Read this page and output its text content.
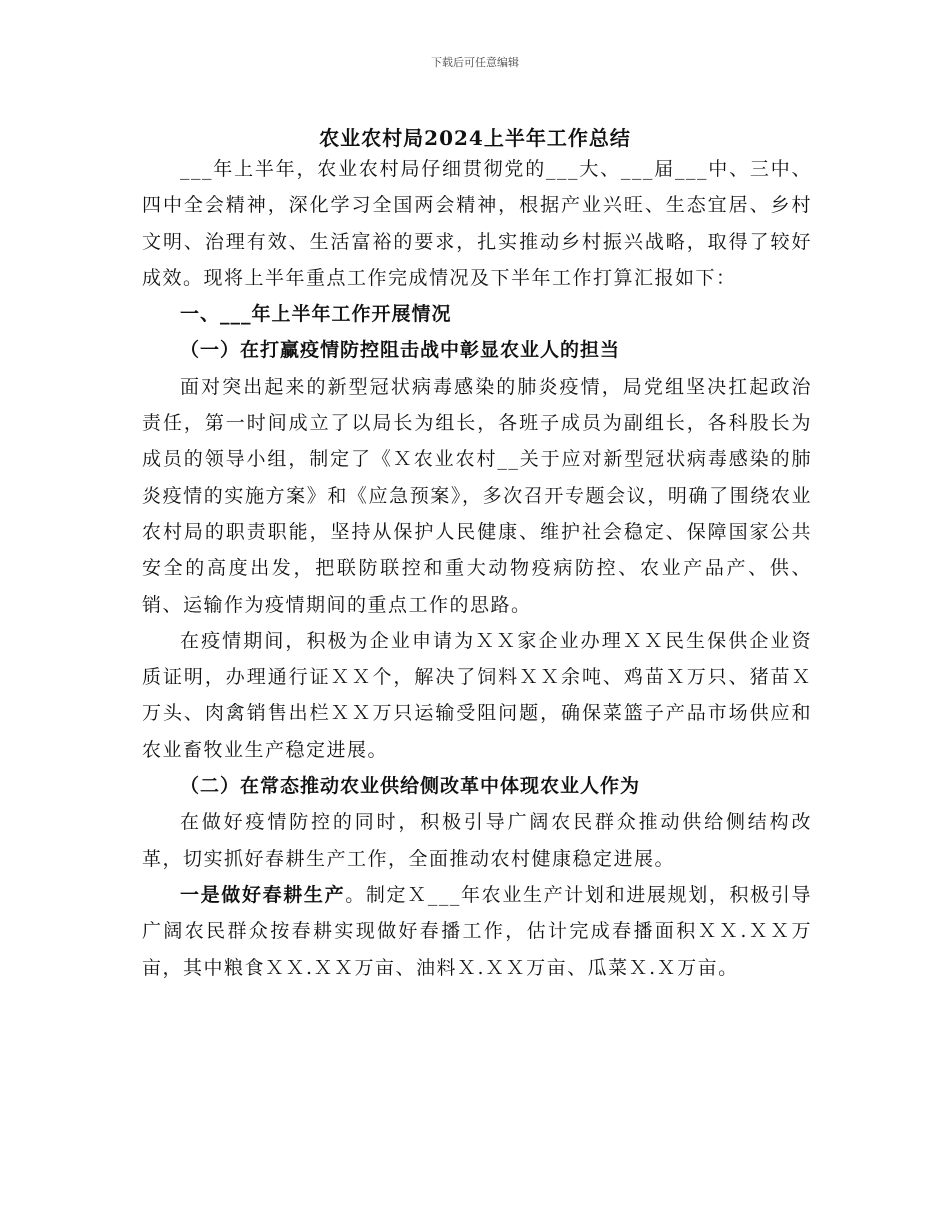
下载后可任意编辑
农业农村局2024上半年工作总结

___年上半年，农业农村局仔细贯彻党的___大、___届___中、三中、四中全会精神，深化学习全国两会精神，根据产业兴旺、生态宜居、乡村文明、治理有效、生活富裕的要求，扎实推动乡村振兴战略，取得了较好成效。现将上半年重点工作完成情况及下半年工作打算汇报如下：

一、___年上半年工作开展情况

（一）在打赢疫情防控阻击战中彰显农业人的担当

面对突出起来的新型冠状病毒感染的肺炎疫情，局党组坚决扛起政治责任，第一时间成立了以局长为组长，各班子成员为副组长，各科股长为成员的领导小组，制定了《Ｘ农业农村__关于应对新型冠状病毒感染的肺炎疫情的实施方案》和《应急预案》，多次召开专题会议，明确了围绕农业农村局的职责职能，坚持从保护人民健康、维护社会稳定、保障国家公共安全的高度出发，把联防联控和重大动物疫病防控、农业产品产、供、销、运输作为疫情期间的重点工作的思路。

在疫情期间，积极为企业申请为ＸＸ家企业办理ＸＸ民生保供企业资质证明，办理通行证ＸＸ个，解决了饲料ＸＸ余吨、鸡苗Ｘ万只、猪苗Ｘ万头、肉禽销售出栏ＸＸ万只运输受阻问题，确保菜篮子产品市场供应和农业畜牧业生产稳定进展。

（二）在常态推动农业供给侧改革中体现农业人作为

在做好疫情防控的同时，积极引导广阔农民群众推动供给侧结构改革，切实抓好春耕生产工作，全面推动农村健康稳定进展。

一是做好春耕生产。制定Ｘ___年农业生产计划和进展规划，积极引导广阔农民群众按春耕实现做好春播工作，估计完成春播面积ＸＸ.ＸＸ万亩，其中粮食ＸＸ.ＸＸ万亩、油料Ｘ.ＸＸ万亩、瓜菜Ｘ.Ｘ万亩。
